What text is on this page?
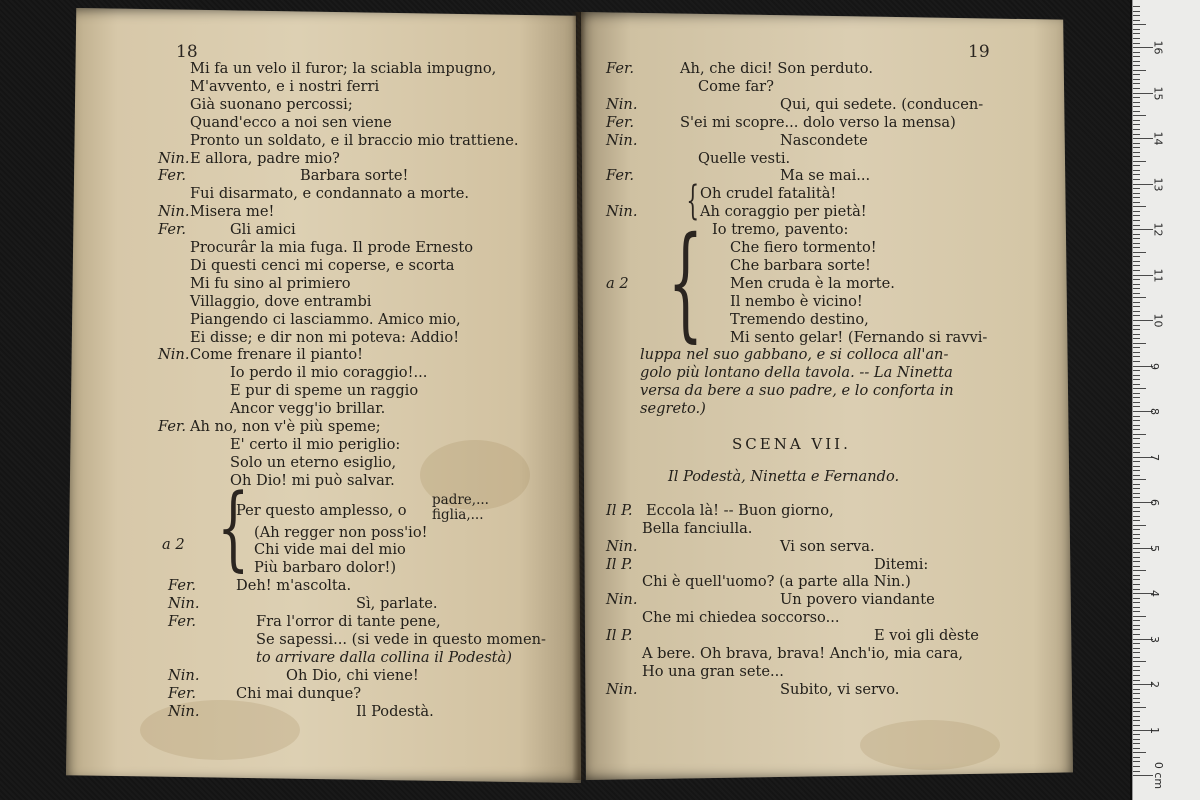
18
Mi fa un velo il furor; la sciabla impugno,
M'avvento, e i nostri ferri
Già suonano percossi;
Quand'ecco a noi sen viene
Pronto un soldato, e il braccio mio trattiene.
Nin. E allora, padre mio?
Fer.	Barbara sorte!
Fui disarmato, e condannato a morte.
Nin. Misera me!
Fer.	Gli amici
Procurâr la mia fuga. Il prode Ernesto
Di questi cenci mi coperse, e scorta
Mi fu sino al primiero
Villaggio, dove entrambi
Piangendo ci lasciammo. Amico mio,
Ei disse; e dir non mi poteva: Addio!
Nin. Come frenare il pianto!
Io perdo il mio coraggio!...
E pur di speme un raggio
Ancor vegg'io brillar.
Fer. Ah no, non v'è più speme;
E' certo il mio periglio:
Solo un eterno esiglio,
Oh Dio! mi può salvar.
Per questo amplesso, o
padre,...
figlia,...
(Ah regger non poss'io!
Chi vide mai del mio
Più barbaro dolor!)
a 2 {
Fer.	Deh! m'ascolta.
Nin.	Sì, parlate.
Fer.	Fra l'orror di tante pene,
Se sapessi... (si vede in questo momen-
to arrivare dalla collina il Podestà)
Nin.	Oh Dio, chi viene!
Fer.	Chi mai dunque?
Nin.	Il Podestà.
19
Fer.	Ah, che dici! Son perduto.
Come far?
Nin.	Qui, qui sedete. (conducen-
Fer.	S'ei mi scopre... dolo verso la mensa)
Nin.	Nascondete
Quelle vesti.
Fer.	Ma se mai...
Oh crudel fatalità!
Nin.	Ah coraggio per pietà!
Io tremo, pavento:
Che fiero tormento!
Che barbara sorte!
a 2	Men cruda è la morte.
Il nembo è vicino!
Tremendo destino,
Mi sento gelar! (Fernando si ravvi-
{
{
luppa nel suo gabbano, e si colloca all'an-
golo più lontano della tavola. -- La Ninetta
versa da bere a suo padre, e lo conforta in
segreto.)
SCENA VII.
Il Podestà, Ninetta e Fernando.
Il P. Eccola là! -- Buon giorno,
Bella fanciulla.
Nin.	Vi son serva.
Il P.	Ditemi:
Chi è quell'uomo? (a parte alla Nin.)
Nin.	Un povero viandante
Che mi chiedea soccorso...
Il P.	E voi gli dèste
A bere. Oh brava, brava! Anch'io, mia cara,
Ho una gran sete...
Nin.	Subito, vi servo.
1
2
3
4
5
6
7
8
9
10
11
12
13
14
15
16
0 cm
